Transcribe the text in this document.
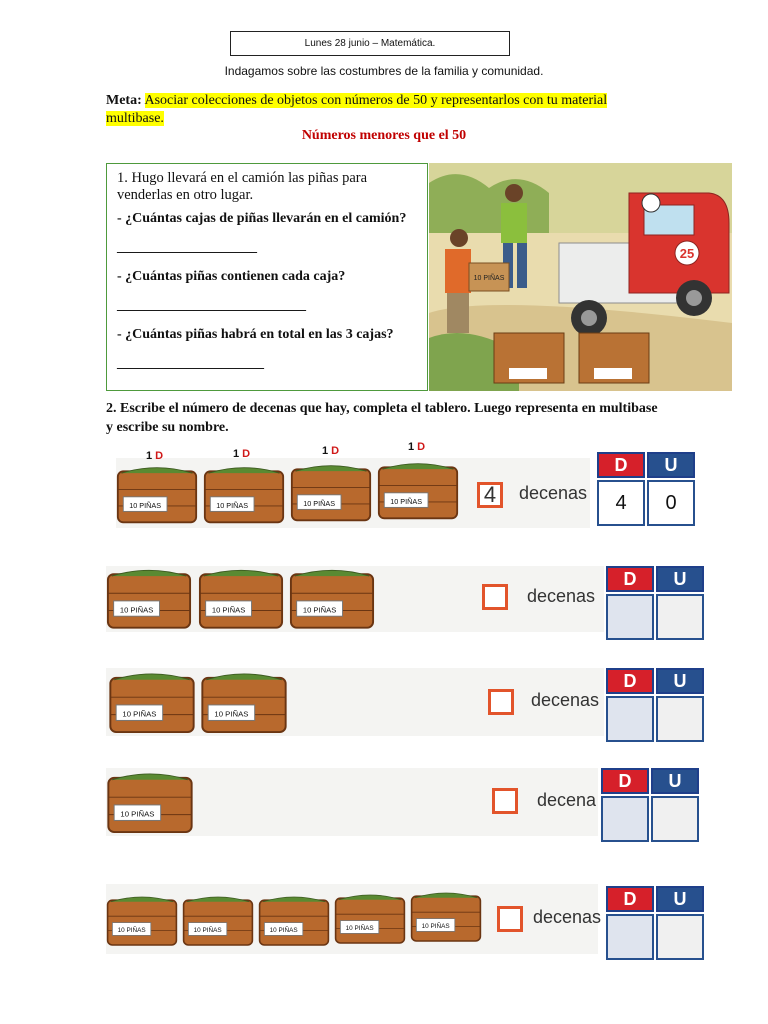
Lunes 28 junio – Matemática.
Indagamos sobre las costumbres de la familia y comunidad.
Meta: Asociar colecciones de objetos con números de 50 y representarlos con tu material multibase.
Números menores que el 50

1. Hugo llevará en el camión las piñas para venderlas en otro lugar.

- ¿Cuántas cajas de piñas llevarán en el camión? ____________________

- ¿Cuántas piñas contienen cada caja?

___________________________

- ¿Cuántas piñas habrá en total en las 3 cajas? _____________________

25
10 PIÑAS
2. Escribe el número de decenas que hay, completa el tablero. Luego representa en multibase y escribe su nombre.
1 D	1 D	1 D	1 D
10 PIÑAS	10 PIÑAS	10 PIÑAS	10 PIÑAS	4	decenas
D	U
4	0
10 PIÑAS	10 PIÑAS	10 PIÑAS
decenas
D	U
10 PIÑAS	10 PIÑAS
decenas
D	U
10 PIÑAS
decena
D	U
10 PIÑAS	10 PIÑAS	10 PIÑAS	10 PIÑAS	10 PIÑAS	decenas
D	U
